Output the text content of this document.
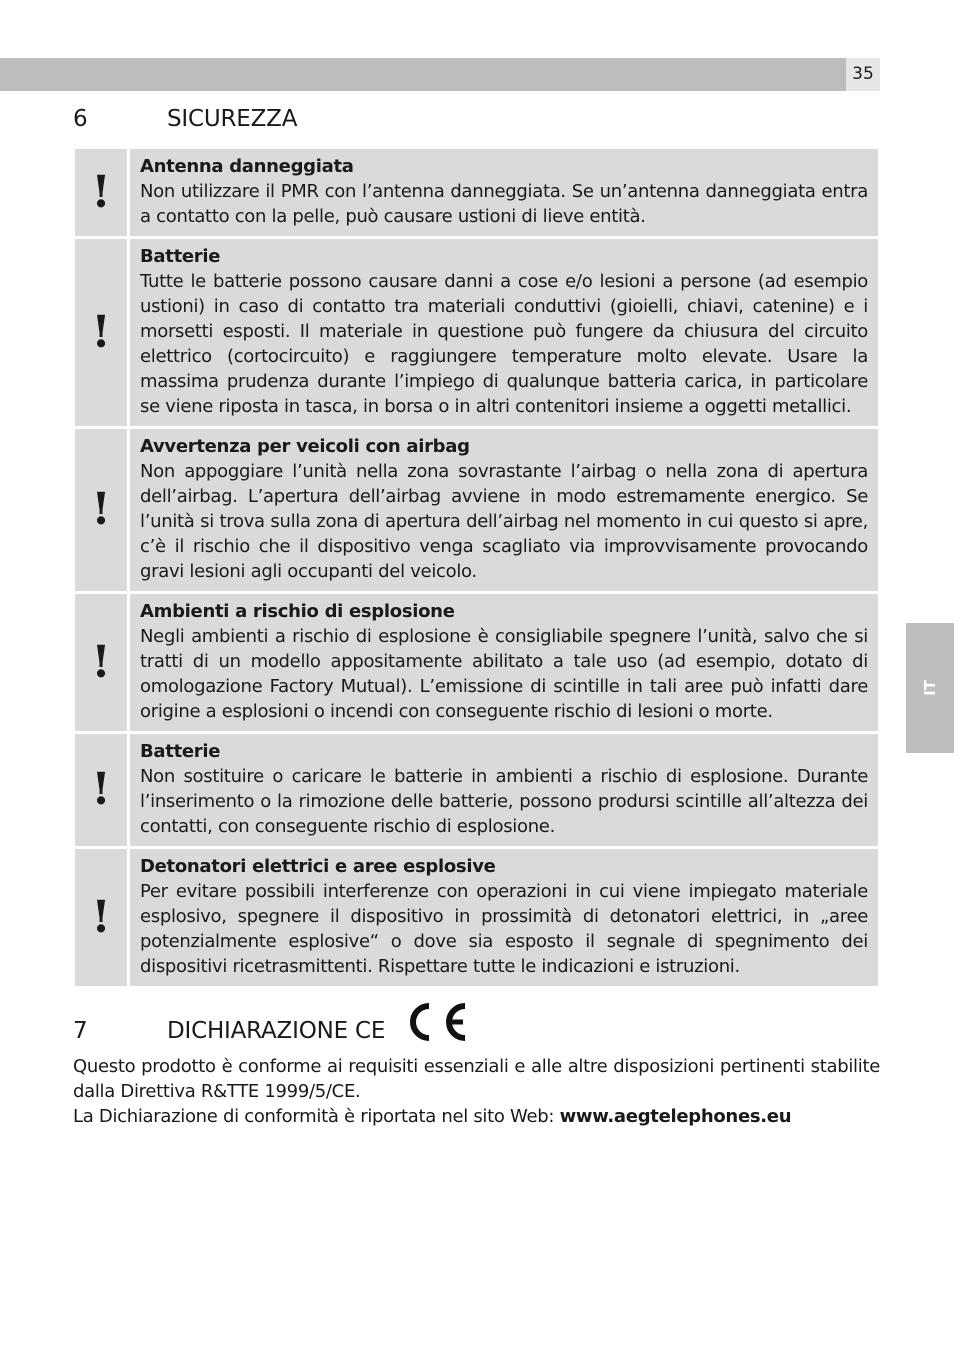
35
IT
6	SICUREZZA
! Antenna danneggiata
Non utilizzare il PMR con l’antenna danneggiata. Se un’antenna danneggiata entra a contatto con la pelle, può causare ustioni di lieve entità.
!
Batterie
Tutte le batterie possono causare danni a cose e/o lesioni a persone (ad esempio ustioni) in caso di contatto tra materiali conduttivi (gioielli, chiavi, catenine) e i morsetti esposti. Il materiale in questione può fungere da chiusura del circuito elettrico (cortocircuito) e raggiungere temperature molto elevate. Usare la massima prudenza durante l’impiego di qualunque batteria carica, in particolare se viene riposta in tasca, in borsa o in altri contenitori insieme a oggetti metallici.
!
Avvertenza per veicoli con airbag
Non appoggiare l’unità nella zona sovrastante l’airbag o nella zona di apertura dell’airbag. L’apertura dell’airbag avviene in modo estremamente energico. Se l’unità si trova sulla zona di apertura dell’airbag nel momento in cui questo si apre, c’è il rischio che il dispositivo venga scagliato via improvvisamente provocando gravi lesioni agli occupanti del veicolo.
!
Ambienti a rischio di esplosione
Negli ambienti a rischio di esplosione è consigliabile spegnere l’unità, salvo che si tratti di un modello appositamente abilitato a tale uso (ad esempio, dotato di omologazione Factory Mutual). L’emissione di scintille in tali aree può infatti dare origine a esplosioni o incendi con conseguente rischio di lesioni o morte.
!
Batterie
Non sostituire o caricare le batterie in ambienti a rischio di esplosione. Durante l’inserimento o la rimozione delle batterie, possono prodursi scintille all’altezza dei contatti, con conseguente rischio di esplosione.
!
Detonatori elettrici e aree esplosive
Per evitare possibili interferenze con operazioni in cui viene impiegato materiale esplosivo, spegnere il dispositivo in prossimità di detonatori elettrici, in „aree potenzialmente esplosive“ o dove sia esposto il segnale di spegnimento dei dispositivi ricetrasmittenti. Rispettare tutte le indicazioni e istruzioni.
7	DICHIARAZIONE CE

Questo prodotto è conforme ai requisiti essenziali e alle altre disposizioni pertinenti stabilite dalla Direttiva R&TTE 1999/5/CE.

La Dichiarazione di conformità è riportata nel sito Web: www.aegtelephones.eu
